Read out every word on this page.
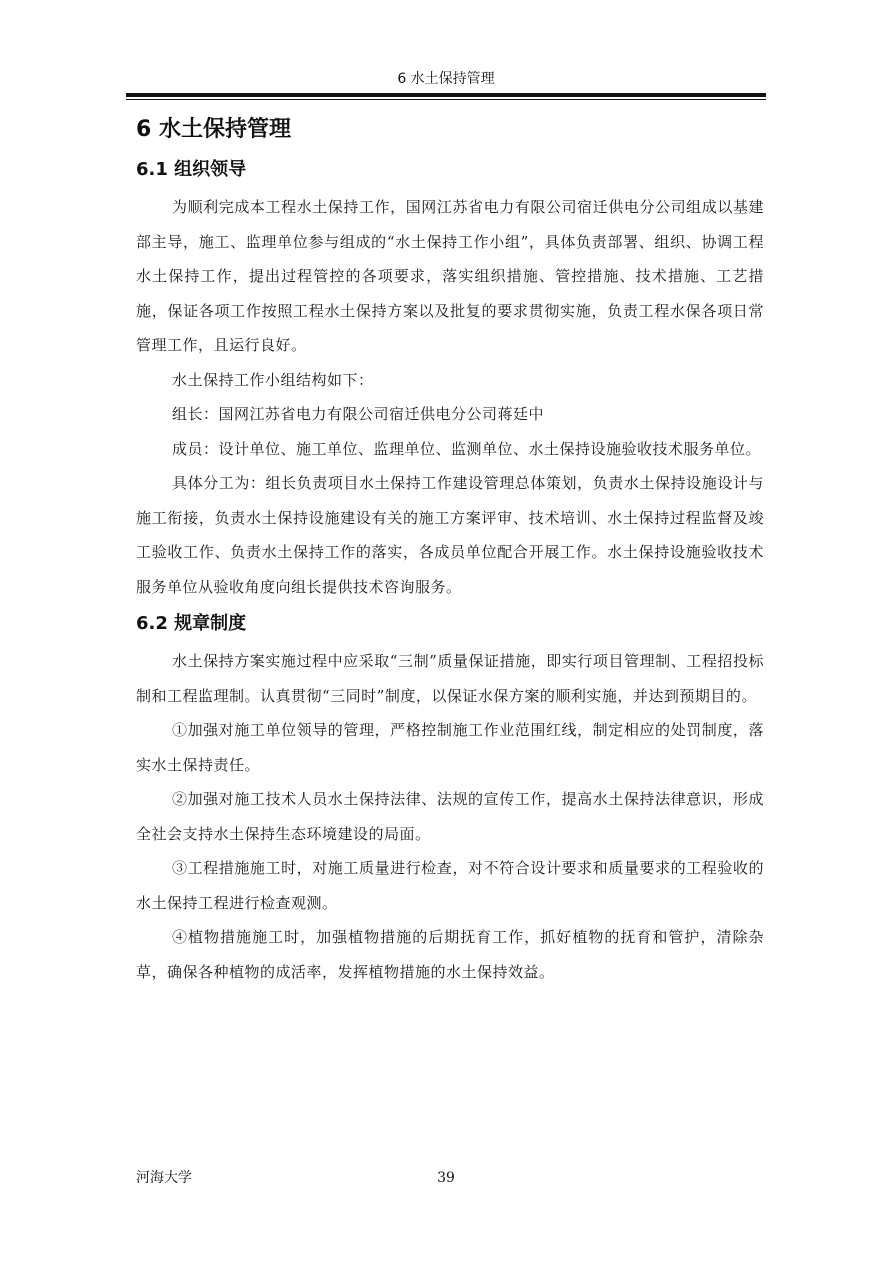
6 水土保持管理
6 水土保持管理
6.1 组织领导

为顺利完成本工程水土保持工作，国网江苏省电力有限公司宿迁供电分公司组成以基建部主导，施工、监理单位参与组成的“水土保持工作小组”，具体负责部署、组织、协调工程水土保持工作，提出过程管控的各项要求，落实组织措施、管控措施、技术措施、工艺措施，保证各项工作按照工程水土保持方案以及批复的要求贯彻实施，负责工程水保各项日常管理工作，且运行良好。

水土保持工作小组结构如下：

组长：国网江苏省电力有限公司宿迁供电分公司蒋廷中

成员：设计单位、施工单位、监理单位、监测单位、水土保持设施验收技术服务单位。

具体分工为：组长负责项目水土保持工作建设管理总体策划，负责水土保持设施设计与施工衔接，负责水土保持设施建设有关的施工方案评审、技术培训、水土保持过程监督及竣工验收工作、负责水土保持工作的落实，各成员单位配合开展工作。水土保持设施验收技术服务单位从验收角度向组长提供技术咨询服务。

6.2 规章制度

水土保持方案实施过程中应采取“三制”质量保证措施，即实行项目管理制、工程招投标制和工程监理制。认真贯彻“三同时”制度，以保证水保方案的顺利实施，并达到预期目的。

①加强对施工单位领导的管理，严格控制施工作业范围红线，制定相应的处罚制度，落实水土保持责任。

②加强对施工技术人员水土保持法律、法规的宣传工作，提高水土保持法律意识，形成全社会支持水土保持生态环境建设的局面。

③工程措施施工时，对施工质量进行检查，对不符合设计要求和质量要求的工程验收的水土保持工程进行检查观测。

④植物措施施工时，加强植物措施的后期抚育工作，抓好植物的抚育和管护，清除杂草，确保各种植物的成活率，发挥植物措施的水土保持效益。

河海大学	39
